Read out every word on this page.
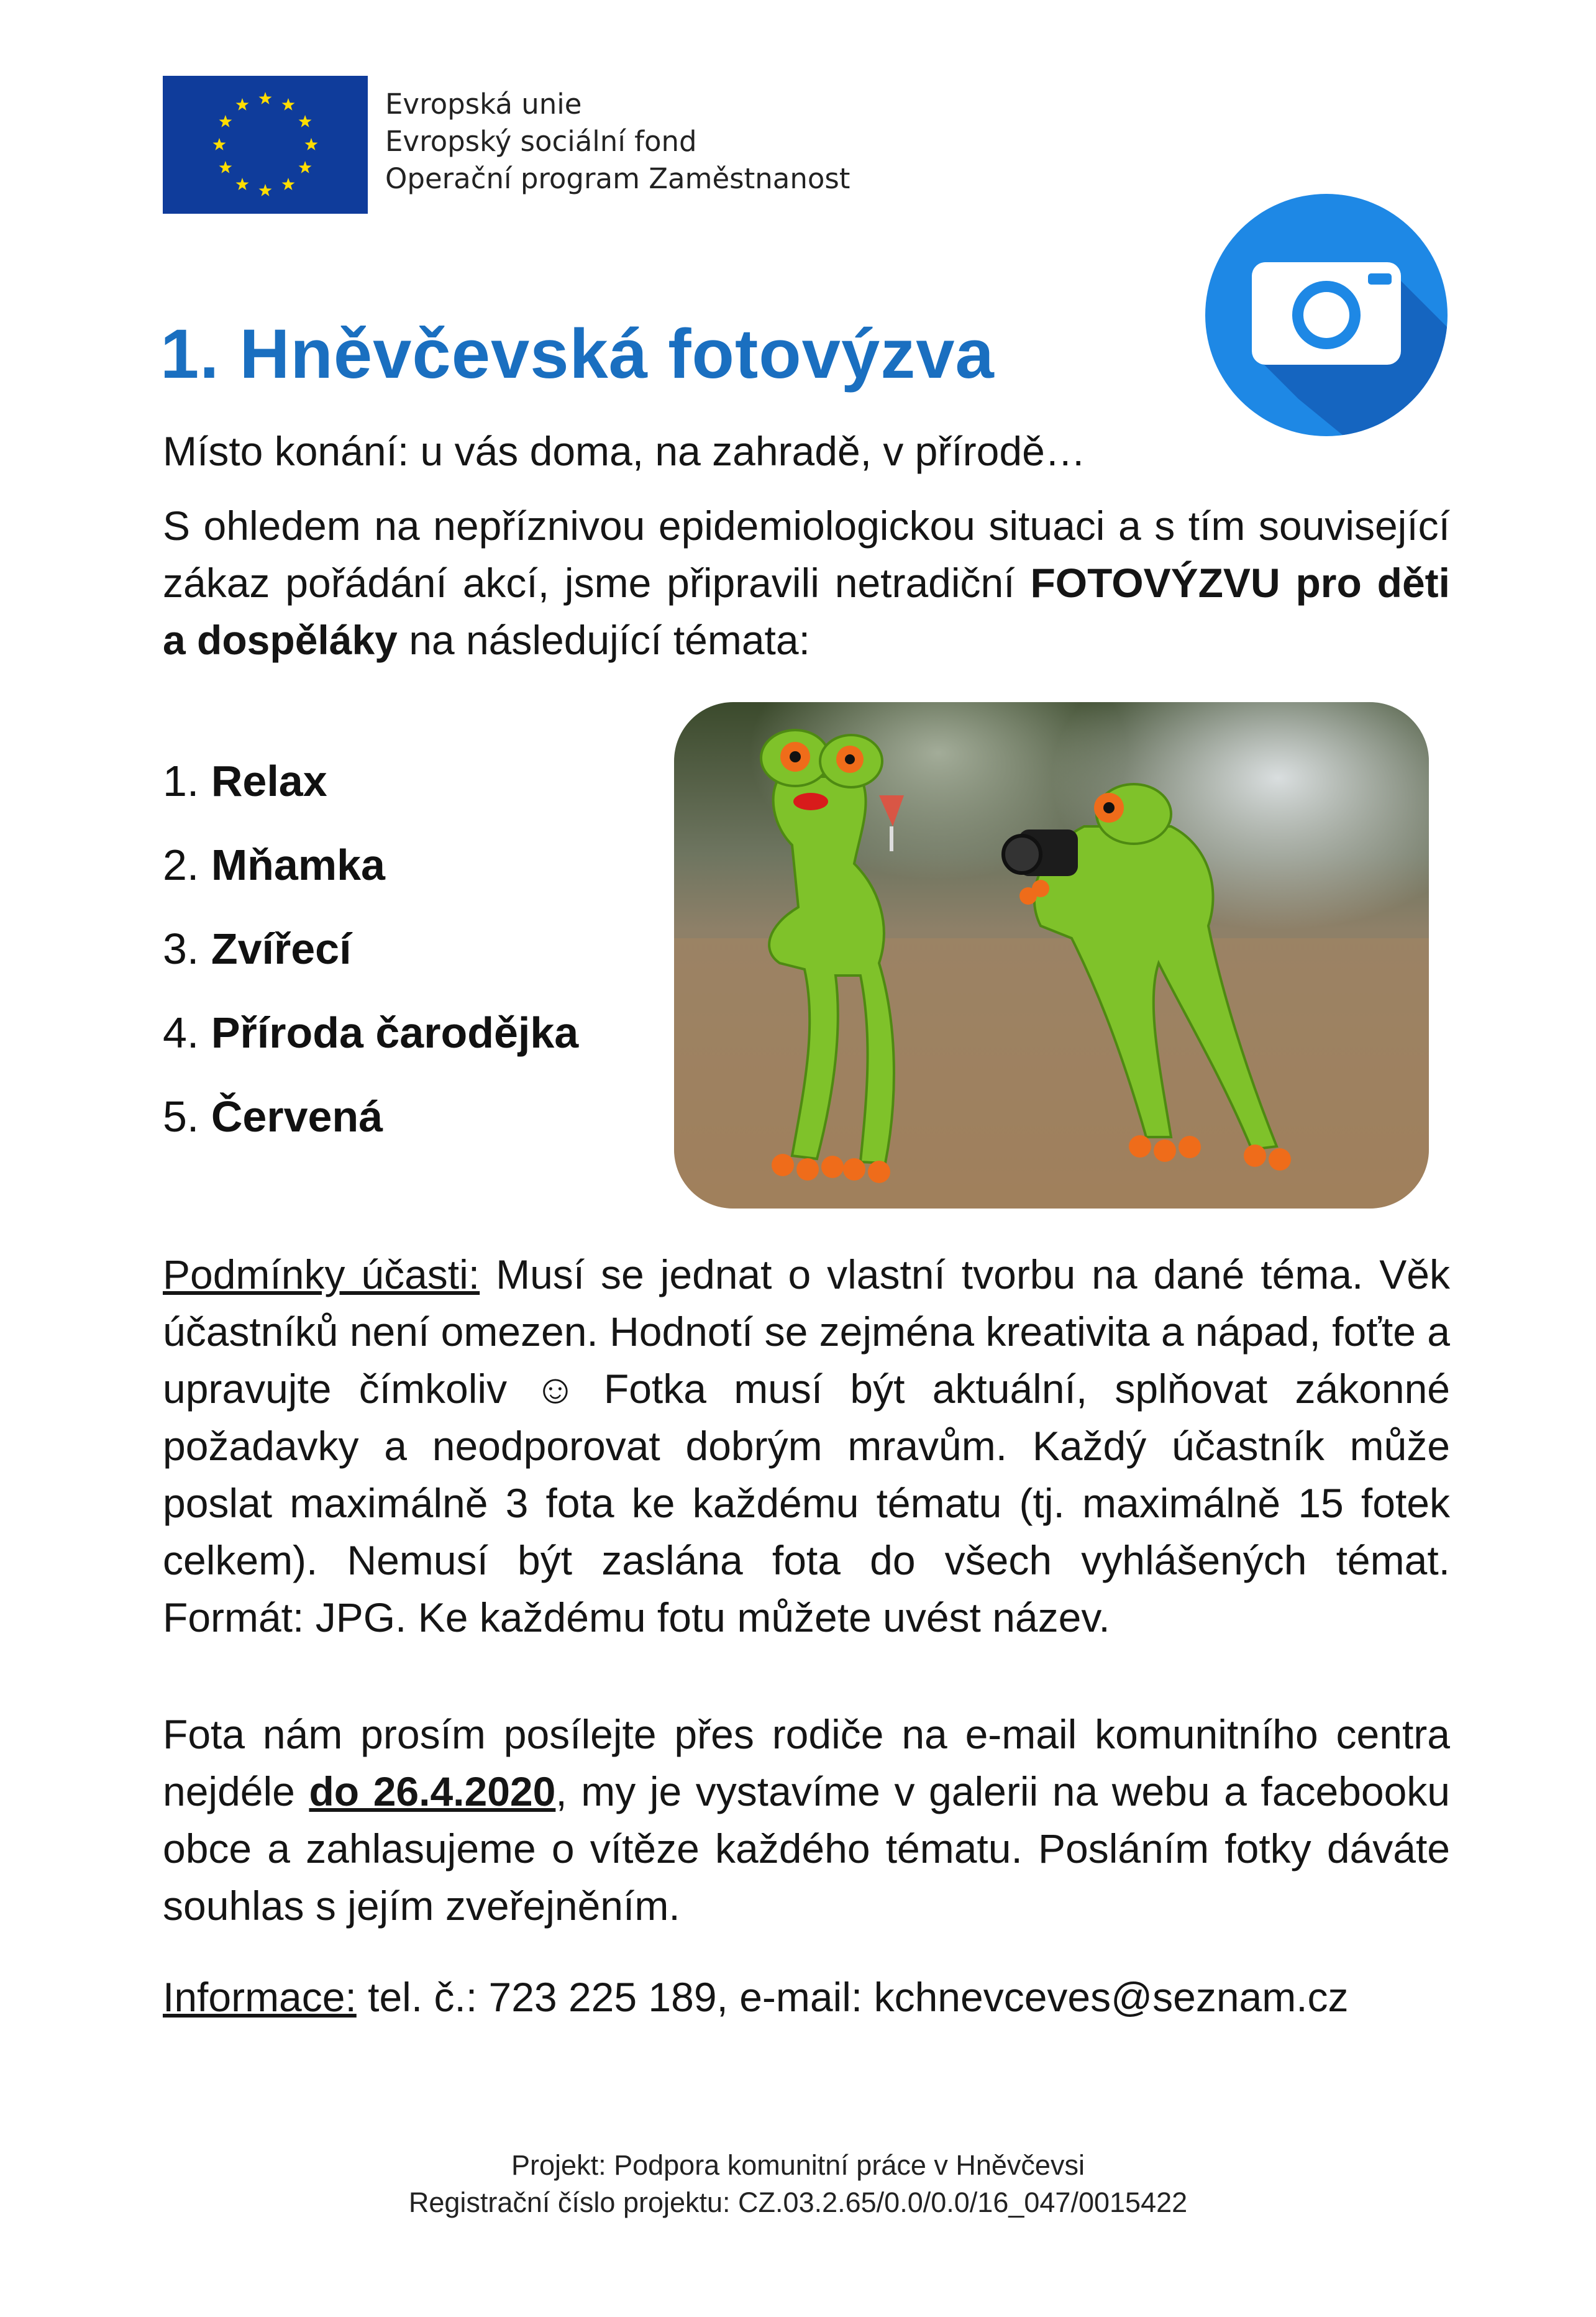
Evropská unie
Evropský sociální fond
Operační program Zaměstnanost
1. Hněvčevská fotovýzva
Místo konání: u vás doma, na zahradě, v přírodě…
S ohledem na nepříznivou epidemiologickou situaci a s tím související zákaz pořádání akcí, jsme připravili netradiční FOTOVÝZVU pro děti a dospěláky na následující témata:
1. Relax
2. Mňamka
3. Zvířecí
4. Příroda čarodějka
5. Červená
Podmínky účasti: Musí se jednat o vlastní tvorbu na dané téma. Věk účastníků není omezen. Hodnotí se zejména kreativita a nápad, foťte a upravujte čímkoliv ☺ Fotka musí být aktuální, splňovat zákonné požadavky a neodporovat dobrým mravům. Každý účastník může poslat maximálně 3 fota ke každému tématu (tj. maximálně 15 fotek celkem). Nemusí být zaslána fota do všech vyhlášených témat. Formát: JPG. Ke každému fotu můžete uvést název.
Fota nám prosím posílejte přes rodiče na e-mail komunitního centra nejdéle do 26.4.2020, my je vystavíme v galerii na webu a facebooku obce a zahlasujeme o vítěze každého tématu. Posláním fotky dáváte souhlas s jejím zveřejněním.
Informace: tel. č.: 723 225 189, e-mail: kchnevceves@seznam.cz
Projekt: Podpora komunitní práce v Hněvčevsi
Registrační číslo projektu: CZ.03.2.65/0.0/0.0/16_047/0015422
